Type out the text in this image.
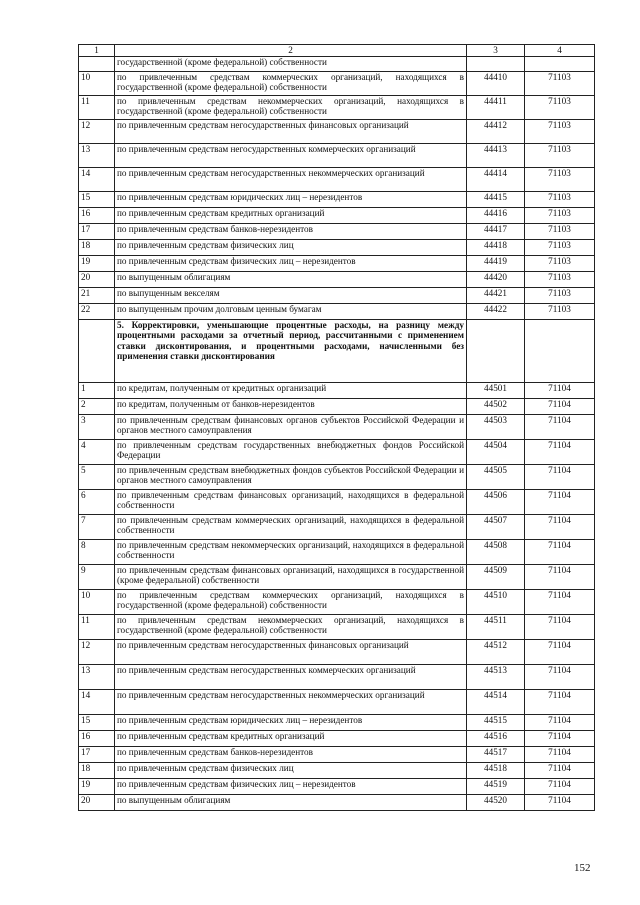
1	2	3	4
	государственной (кроме федеральной) собственности		
10	по привлеченным средствам коммерческих организаций, находящихся в государственной (кроме федеральной) собственности	44410	71103
11	по привлеченным средствам некоммерческих организаций, находящихся в государственной (кроме федеральной) собственности	44411	71103
12	по привлеченным средствам негосударственных финансовых организаций	44412	71103
13	по привлеченным средствам негосударственных коммерческих организаций	44413	71103
14	по привлеченным средствам негосударственных некоммерческих организаций	44414	71103
15	по привлеченным средствам юридических лиц – нерезидентов	44415	71103
16	по привлеченным средствам кредитных организаций	44416	71103
17	по привлеченным средствам банков-нерезидентов	44417	71103
18	по привлеченным средствам физических лиц	44418	71103
19	по привлеченным средствам физических лиц – нерезидентов	44419	71103
20	по выпущенным облигациям	44420	71103
21	по выпущенным векселям	44421	71103
22	по выпущенным прочим долговым ценным бумагам	44422	71103
	5. Корректировки, уменьшающие процентные расходы, на разницу между процентными расходами за отчетный период, рассчитанными с применением ставки дисконтирования, и процентными расходами, начисленными без применения ставки дисконтирования		
1	по кредитам, полученным от кредитных организаций	44501	71104
2	по кредитам, полученным от банков-нерезидентов	44502	71104
3	по привлеченным средствам финансовых органов субъектов Российской Федерации и органов местного самоуправления	44503	71104
4	по привлеченным средствам государственных внебюджетных фондов Российской Федерации	44504	71104
5	по привлеченным средствам внебюджетных фондов субъектов Российской Федерации и органов местного самоуправления	44505	71104
6	по привлеченным средствам финансовых организаций, находящихся в федеральной собственности	44506	71104
7	по привлеченным средствам коммерческих организаций, находящихся в федеральной собственности	44507	71104
8	по привлеченным средствам некоммерческих организаций, находящихся в федеральной собственности	44508	71104
9	по привлеченным средствам финансовых организаций, находящихся в государственной (кроме федеральной) собственности	44509	71104
10	по привлеченным средствам коммерческих организаций, находящихся в государственной (кроме федеральной) собственности	44510	71104
11	по привлеченным средствам некоммерческих организаций, находящихся в государственной (кроме федеральной) собственности	44511	71104
12	по привлеченным средствам негосударственных финансовых организаций	44512	71104
13	по привлеченным средствам негосударственных коммерческих организаций	44513	71104
14	по привлеченным средствам негосударственных некоммерческих организаций	44514	71104
15	по привлеченным средствам юридических лиц – нерезидентов	44515	71104
16	по привлеченным средствам кредитных организаций	44516	71104
17	по привлеченным средствам банков-нерезидентов	44517	71104
18	по привлеченным средствам физических лиц	44518	71104
19	по привлеченным средствам физических лиц – нерезидентов	44519	71104
20	по выпущенным облигациям	44520	71104
152
